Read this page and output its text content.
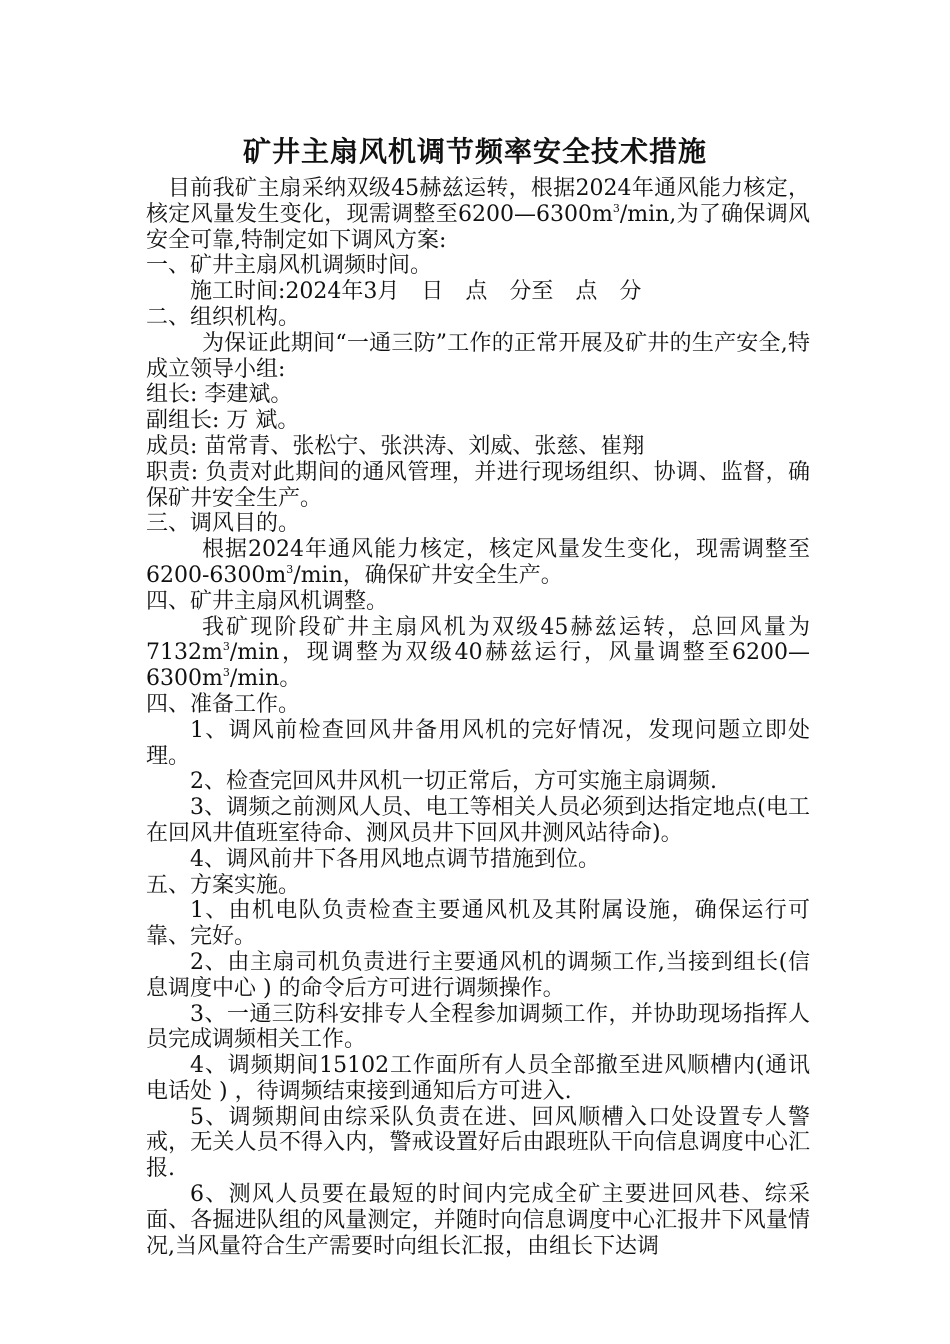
矿井主扇风机调节频率安全技术措施

目前我矿主扇采纳双级45赫兹运转，根据2024年通风能力核定，核定风量发生变化，现需调整至$6200—6300m^3/\min$,为了确保调风安全可靠,特制定如下调风方案:

一、矿井主扇风机调频时间。

施工时间:2024年3月　日　点　分至　点　分

二、组织机构。

为保证此期间“一通三防”工作的正常开展及矿井的生产安全,特成立领导小组:

组长: 李建斌。

副组长: 万 斌。

成员: 苗常青、张松宁、张洪涛、刘威、张慈、崔翔

职责: 负责对此期间的通风管理，并进行现场组织、协调、监督，确保矿井安全生产。

三、调风目的。

根据2024年通风能力核定，核定风量发生变化，现需调整至$6200-6300m^3/\min$，确保矿井安全生产。

四、矿井主扇风机调整。

我矿现阶段矿井主扇风机为双级45赫兹运转，总回风量为$7132m^3/\min$，现调整为双级40赫兹运行，风量调整至$6200—6300m^3/\min$。

四、准备工作。

1、调风前检查回风井备用风机的完好情况，发现问题立即处理。

2、检查完回风井风机一切正常后，方可实施主扇调频.

3、调频之前测风人员、电工等相关人员必须到达指定地点(电工在回风井值班室待命、测风员井下回风井测风站待命)。

4、调风前井下各用风地点调节措施到位。

五、方案实施。

1、由机电队负责检查主要通风机及其附属设施，确保运行可靠、完好。

2、由主扇司机负责进行主要通风机的调频工作,当接到组长(信息调度中心 ) 的命令后方可进行调频操作。

3、一通三防科安排专人全程参加调频工作，并协助现场指挥人员完成调频相关工作。

4、调频期间15102工作面所有人员全部撤至进风顺槽内(通讯电话处 ) ，待调频结束接到通知后方可进入.

5、调频期间由综采队负责在进、回风顺槽入口处设置专人警戒，无关人员不得入内，警戒设置好后由跟班队干向信息调度中心汇报.

6、测风人员要在最短的时间内完成全矿主要进回风巷、综采面、各掘进队组的风量测定，并随时向信息调度中心汇报井下风量情况,当风量符合生产需要时向组长汇报，由组长下达调
